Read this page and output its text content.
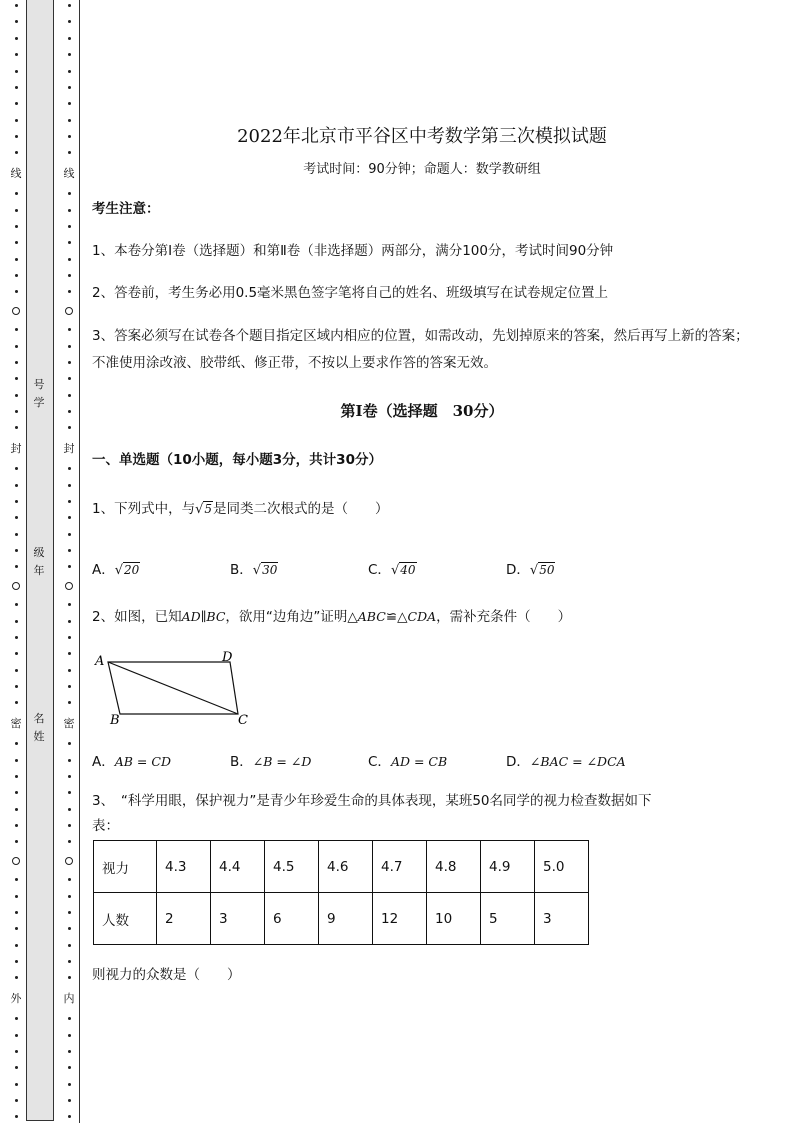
线
封
密
外
号
学
级
年
名
姓
线
封
密
内
2022年北京市平谷区中考数学第三次模拟试题
考试时间：90分钟；命题人：数学教研组
考生注意：
1、本卷分第I卷（选择题）和第Ⅱ卷（非选择题）两部分，满分100分，考试时间90分钟
2、答卷前，考生务必用0.5毫米黑色签字笔将自己的姓名、班级填写在试卷规定位置上
3、答案必须写在试卷各个题目指定区域内相应的位置，如需改动，先划掉原来的答案，然后再写上新的答案；不准使用涂改液、胶带纸、修正带，不按以上要求作答的答案无效。
第I卷（选择题　30分）
一、单选题（10小题，每小题3分，共计30分）
1、下列式中，与√5是同类二次根式的是（　　）
A．√20	B．√30	C．√40	D．√50
2、如图，已知AD∥BC，欲用“边角边”证明△ABC≌△CDA，需补充条件（　　）
A	D
B	C
A．AB = CD	B．∠B = ∠D	C．AD = CB	D．∠BAC = ∠DCA
3、　“科学用眼，保护视力”是青少年珍爱生命的具体表现，某班50名同学的视力检查数据如下
表：
视力	4.3	4.4	4.5	4.6	4.7	4.8	4.9	5.0
人数	2	3	6	9	12	10	5	3
则视力的众数是（　　）
